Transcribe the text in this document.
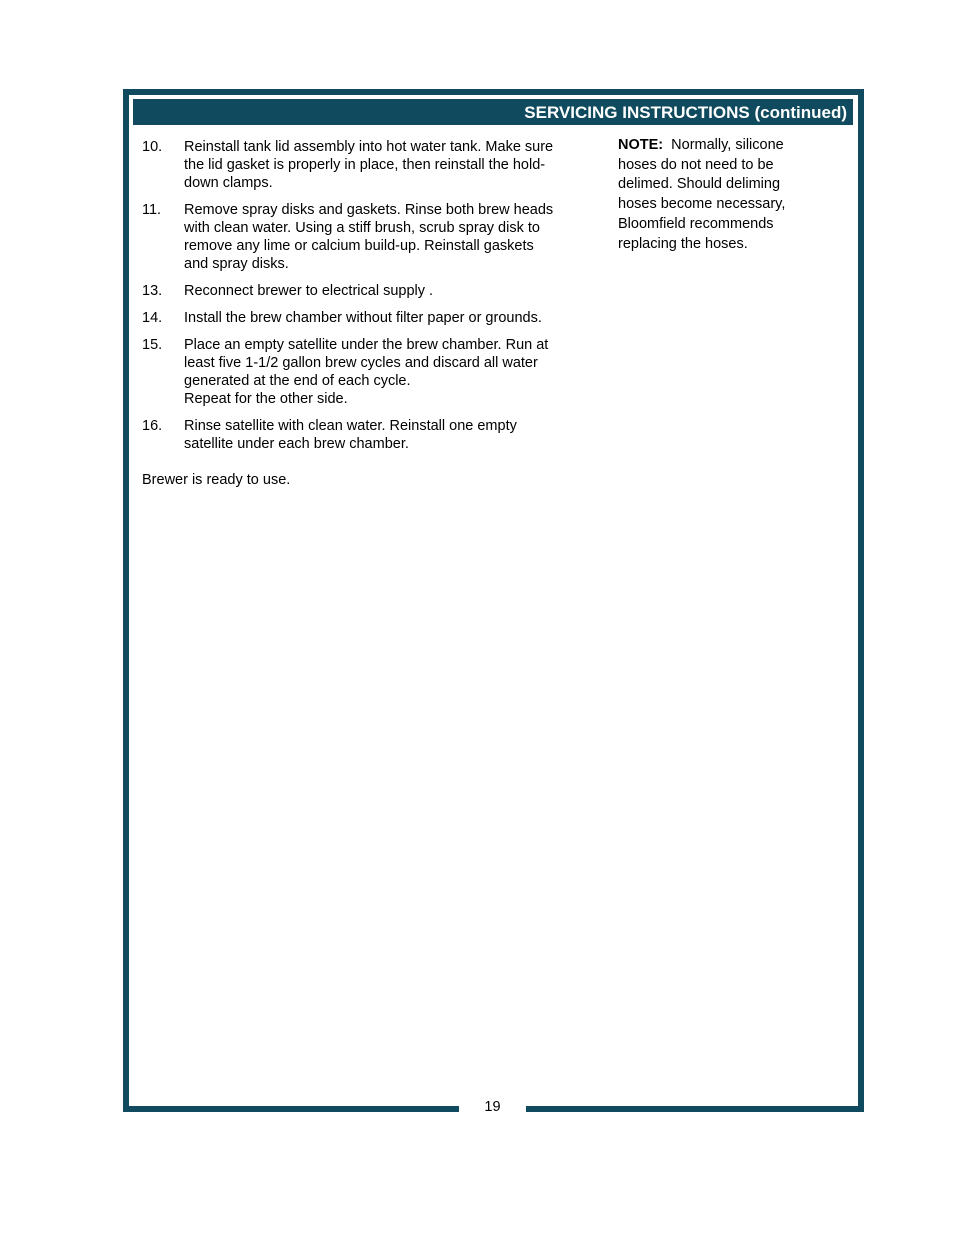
SERVICING INSTRUCTIONS (continued)
10.	Reinstall tank lid assembly into hot water tank. Make sure
the lid gasket is properly in place, then reinstall the hold-
down clamps.
11.	Remove spray disks and gaskets. Rinse both brew heads
with clean water. Using a stiff brush, scrub spray disk to
remove any lime or calcium build-up. Reinstall gaskets
and spray disks.
13.	Reconnect brewer to electrical supply .
14.	Install the brew chamber without filter paper or grounds.
15.	Place an empty satellite under the brew chamber. Run at
least five 1-1/2 gallon brew cycles and discard all water
generated at the end of each cycle.
Repeat for the other side.
16.	Rinse satellite with clean water. Reinstall one empty
satellite under each brew chamber.
Brewer is ready to use.
NOTE:  Normally, silicone
hoses do not need to be
delimed. Should deliming
hoses become necessary,
Bloomfield recommends
replacing the hoses.
19
